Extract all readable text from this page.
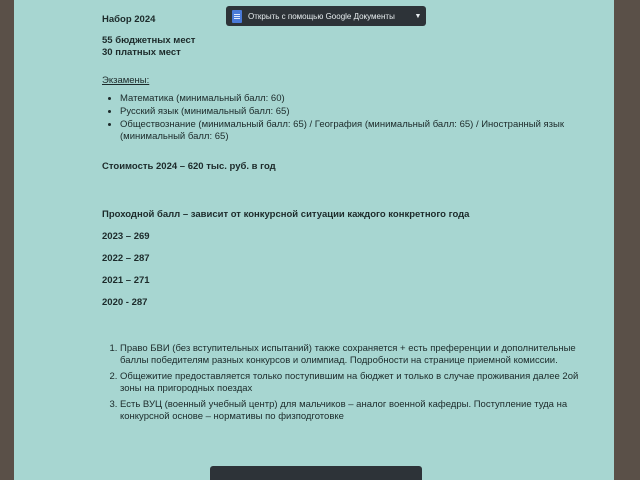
Открыть с помощью Google Документы	▼

Набор 2024

55 бюджетных мест
30 платных мест
Экзамены:
• Математика (минимальный балл: 60)
• Русский язык (минимальный балл: 65)
• Обществознание (минимальный балл: 65) / География (минимальный балл: 65) / Иностранный язык (минимальный балл: 65)
Стоимость 2024 – 620 тыс. руб. в год
Проходной балл – зависит от конкурсной ситуации каждого конкретного года
2023 – 269
2022 – 287
2021 – 271
2020 - 287
1. Право БВИ (без вступительных испытаний) также сохраняется + есть преференции и дополнительные баллы победителям разных конкурсов и олимпиад. Подробности на странице приемной комиссии.
2. Общежитие предоставляется только поступившим на бюджет и только в случае проживания далее 2ой зоны на пригородных поездах
3. Есть ВУЦ (военный учебный центр) для мальчиков – аналог военной кафедры. Поступление туда на конкурсной основе – нормативы по физподготовке
